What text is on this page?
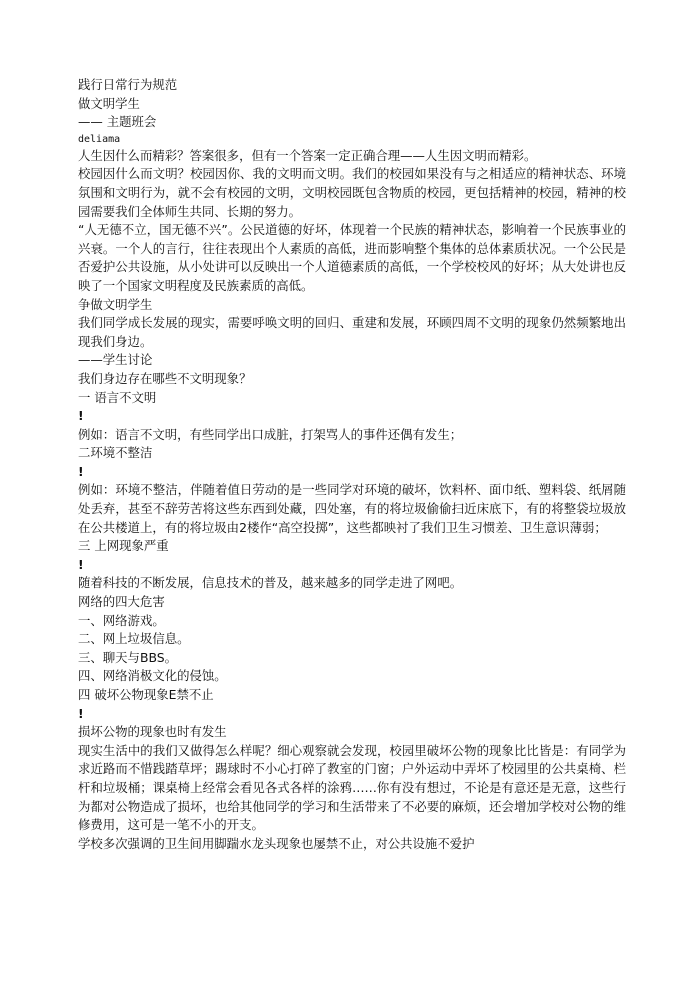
践行日常行为规范
做文明学生
—— 主题班会
deliama
人生因什么而精彩？答案很多，但有一个答案一定正确合理——人生因文明而精彩。
校园因什么而文明？校园因你、我的文明而文明。我们的校园如果没有与之相适应的精神状态、环境氛围和文明行为，就不会有校园的文明，文明校园既包含物质的校园，更包括精神的校园，精神的校园需要我们全体师生共同、长期的努力。
“人无德不立，国无德不兴”。公民道德的好坏，体现着一个民族的精神状态，影响着一个民族事业的兴衰。一个人的言行，往往表现出个人素质的高低，进而影响整个集体的总体素质状况。一个公民是否爱护公共设施，从小处讲可以反映出一个人道德素质的高低，一个学校校风的好坏；从大处讲也反映了一个国家文明程度及民族素质的高低。
争做文明学生
我们同学成长发展的现实，需要呼唤文明的回归、重建和发展，环顾四周不文明的现象仍然频繁地出现我们身边。
——学生讨论
我们身边存在哪些不文明现象？
一 语言不文明
!
例如：语言不文明，有些同学出口成脏，打架骂人的事件还偶有发生；
二环境不整洁
!
例如：环境不整洁，伴随着值日劳动的是一些同学对环境的破坏，饮料杯、面巾纸、塑料袋、纸屑随处丢弃，甚至不辞劳苦将这些东西到处藏，四处塞，有的将垃圾偷偷扫近床底下，有的将整袋垃圾放在公共楼道上，有的将垃圾由2楼作“高空投掷”，这些都映衬了我们卫生习惯差、卫生意识薄弱；
三 上网现象严重
!
随着科技的不断发展，信息技术的普及，越来越多的同学走进了网吧。
网络的四大危害
一、网络游戏。
二、网上垃圾信息。
三、聊天与BBS。
四、网络消极文化的侵蚀。
四 破坏公物现象E禁不止
!
损坏公物的现象也时有发生
现实生活中的我们又做得怎么样呢？细心观察就会发现，校园里破坏公物的现象比比皆是：有同学为求近路而不惜践踏草坪；踢球时不小心打碎了教室的门窗；户外运动中弄坏了校园里的公共桌椅、栏杆和垃圾桶；课桌椅上经常会看见各式各样的涂鸦……你有没有想过，不论是有意还是无意，这些行为都对公物造成了损坏，也给其他同学的学习和生活带来了不必要的麻烦，还会增加学校对公物的维修费用，这可是一笔不小的开支。
学校多次强调的卫生间用脚踹水龙头现象也屡禁不止，对公共设施不爱护
